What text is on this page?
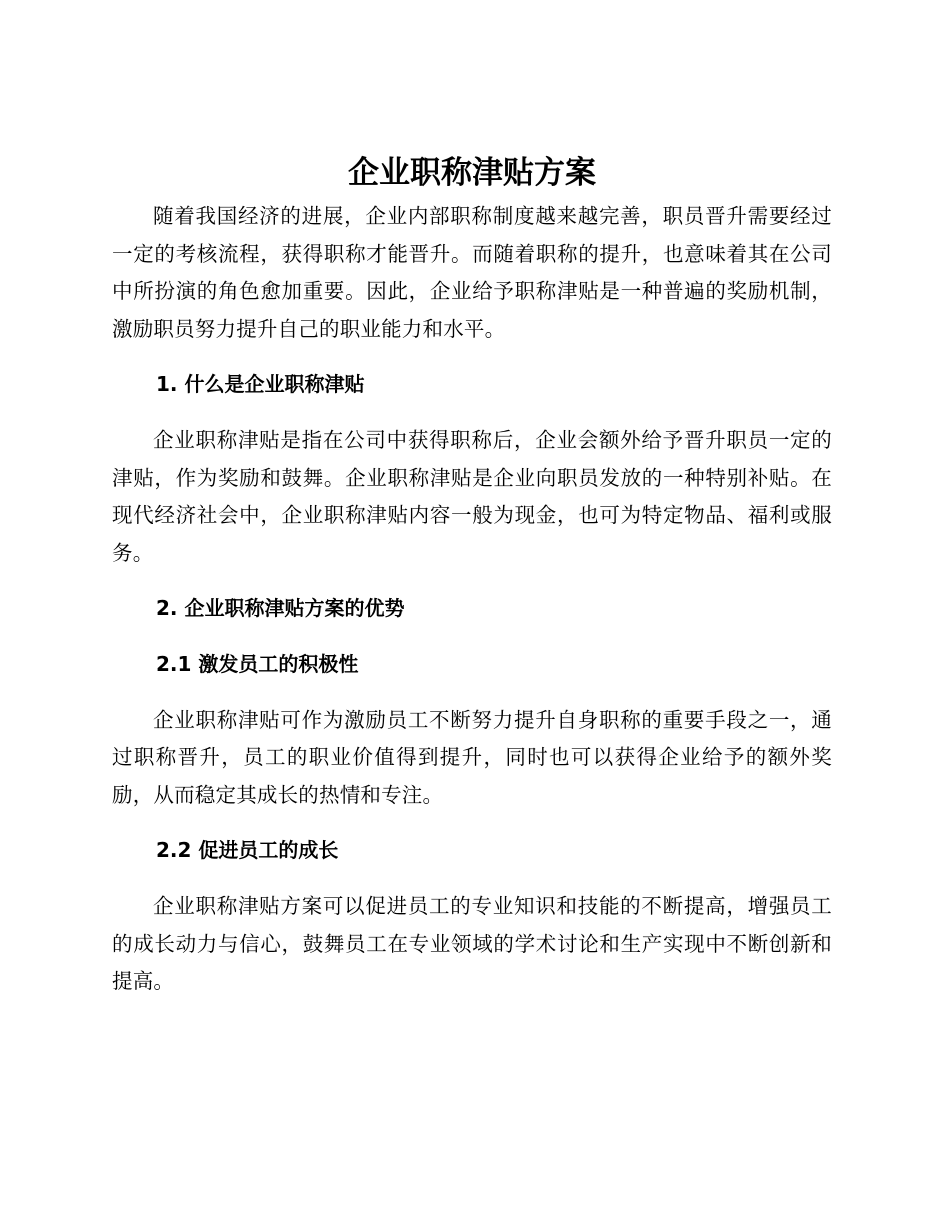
企业职称津贴方案

随着我国经济的进展，企业内部职称制度越来越完善，职员晋升需要经过一定的考核流程，获得职称才能晋升。而随着职称的提升，也意味着其在公司中所扮演的角色愈加重要。因此，企业给予职称津贴是一种普遍的奖励机制，激励职员努力提升自己的职业能力和水平。

1. 什么是企业职称津贴

企业职称津贴是指在公司中获得职称后，企业会额外给予晋升职员一定的津贴，作为奖励和鼓舞。企业职称津贴是企业向职员发放的一种特别补贴。在现代经济社会中，企业职称津贴内容一般为现金，也可为特定物品、福利或服务。

2. 企业职称津贴方案的优势
2.1 激发员工的积极性

企业职称津贴可作为激励员工不断努力提升自身职称的重要手段之一，通过职称晋升，员工的职业价值得到提升，同时也可以获得企业给予的额外奖励，从而稳定其成长的热情和专注。

2.2 促进员工的成长

企业职称津贴方案可以促进员工的专业知识和技能的不断提高，增强员工的成长动力与信心，鼓舞员工在专业领域的学术讨论和生产实现中不断创新和提高。
